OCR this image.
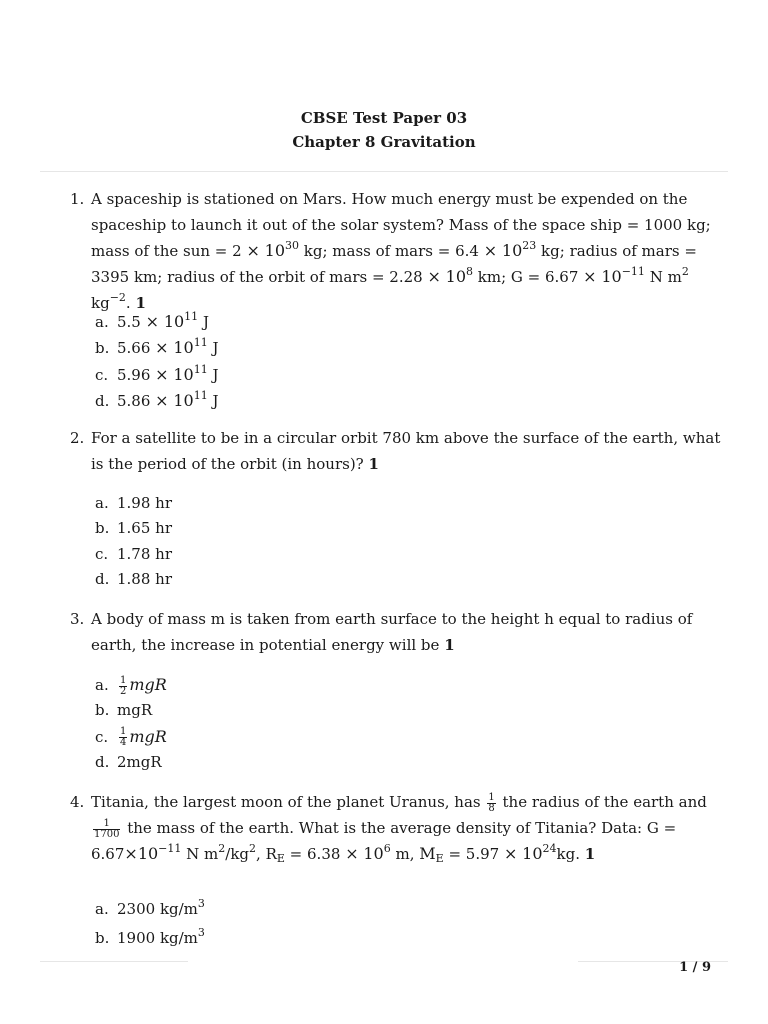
CBSE Test Paper 03
Chapter 8 Gravitation
1. A spaceship is stationed on Mars. How much energy must be expended on the spaceship to launch it out of the solar system? Mass of the space ship = 1000 kg; mass of the sun = $2 \times 10^{30}$ kg; mass of mars = $6.4 \times 10^{23}$ kg; radius of mars = 3395 km; radius of the orbit of mars = $2.28 \times 10^8$ km; $G = 6.67 \times 10^{-11}$ N $m^2$ $kg^{-2}$. 1
a. $5.5 \times 10^{11}$ J
b. $5.66 \times 10^{11}$ J
c. $5.96 \times 10^{11}$ J
d. $5.86 \times 10^{11}$ J
2. For a satellite to be in a circular orbit 780 km above the surface of the earth, what is the period of the orbit (in hours)? 1
a. 1.98 hr
b. 1.65 hr
c. 1.78 hr
d. 1.88 hr
3. A body of mass m is taken from earth surface to the height h equal to radius of earth, the increase in potential energy will be 1
a. $\frac{1}{2}$ mgR
b. mgR
c. $\frac{1}{4}$ mgR
d. 2mgR
4. Titania, the largest moon of the planet Uranus, has $\frac{1}{8}$ the radius of the earth and
$\frac{1}{1700}$ the mass of the earth. What is the average density of Titania? Data: $G = 6.67\times 10^{-11}$ N $m^2/kg^2$, $R_E = 6.38 \times 10^6$ m, $M_E = 5.97 \times 10^{24}kg$. 1
a. 2300 $kg/m^3$
b. 1900 $kg/m^3$
1 / 9
